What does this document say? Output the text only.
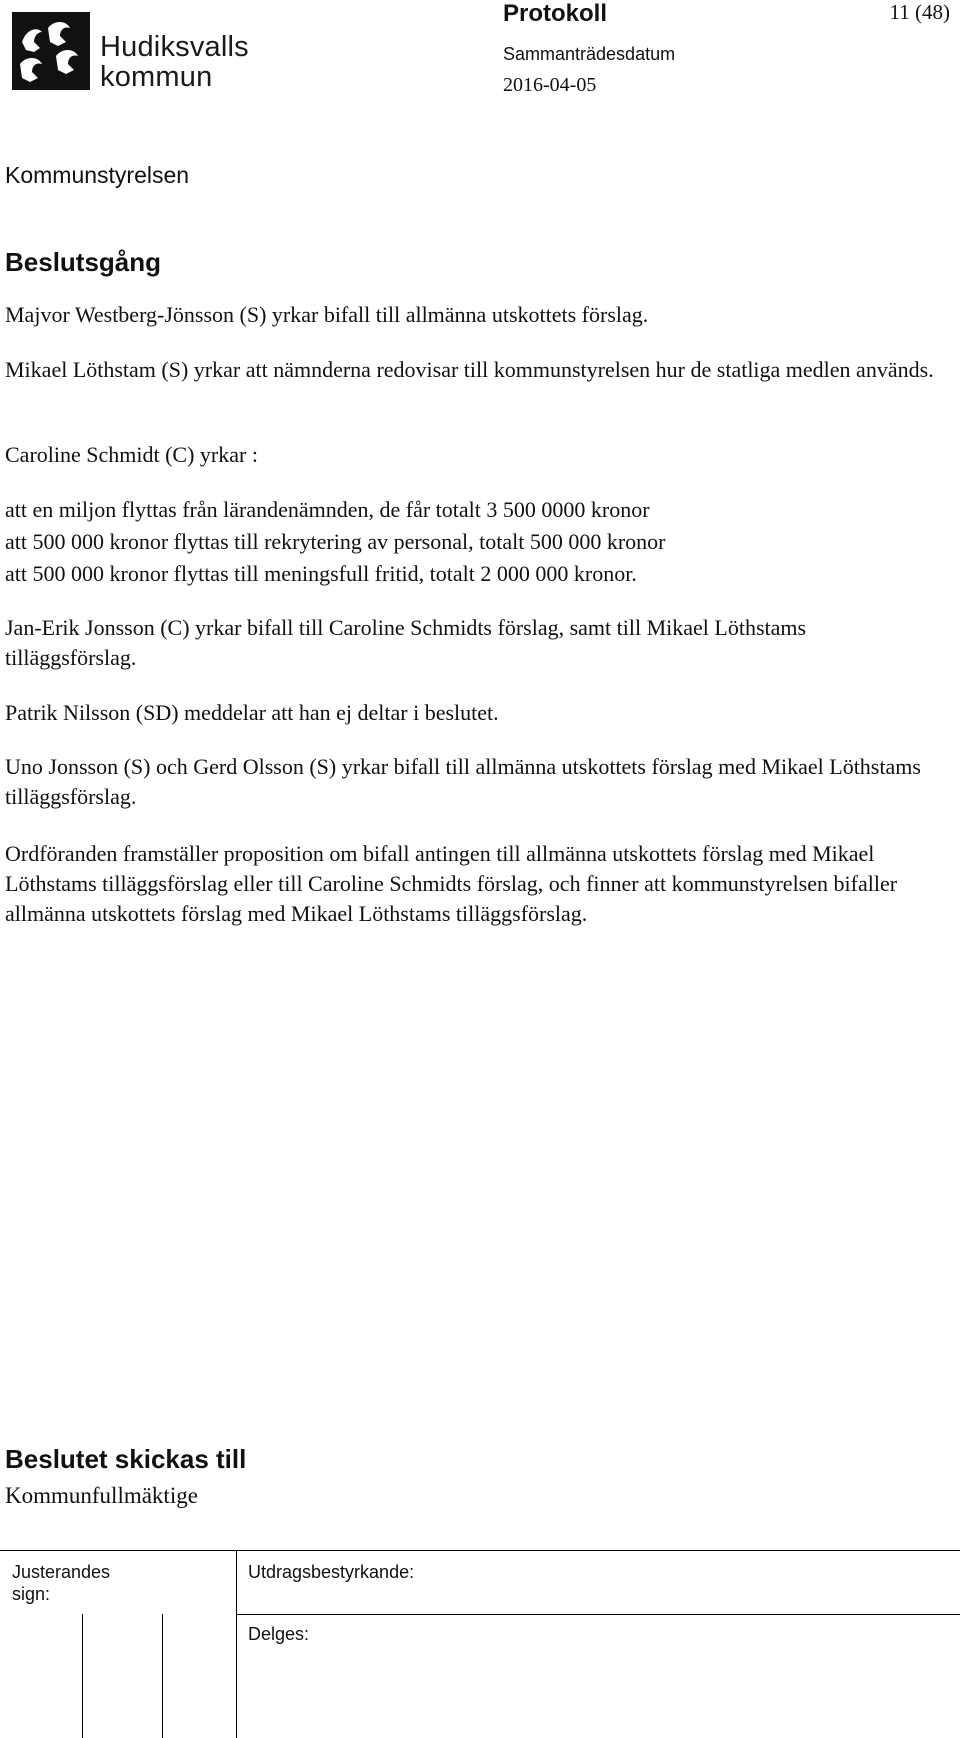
Hudiksvalls
kommun
Protokoll
Sammanträdesdatum
2016-04-05
11 (48)
Kommunstyrelsen
Beslutsgång

Majvor Westberg-Jönsson (S) yrkar bifall till allmänna utskottets förslag.

Mikael Löthstam (S) yrkar att nämnderna redovisar till kommunstyrelsen hur de statliga medlen används.

Caroline Schmidt (C) yrkar :

att en miljon flyttas från lärandenämnden, de får totalt 3 500 0000 kronor

att 500 000 kronor flyttas till rekrytering av personal, totalt 500 000 kronor

att 500 000 kronor flyttas till meningsfull fritid, totalt 2 000 000 kronor.

Jan-Erik Jonsson (C) yrkar bifall till Caroline Schmidts förslag, samt till Mikael Löthstams tilläggsförslag.

Patrik Nilsson (SD) meddelar att han ej deltar i beslutet.

Uno Jonsson (S) och Gerd Olsson (S) yrkar bifall till allmänna utskottets förslag med Mikael Löthstams tilläggsförslag.

Ordföranden framställer proposition om bifall antingen till allmänna utskottets förslag med Mikael Löthstams tilläggsförslag eller till Caroline Schmidts förslag, och finner att kommunstyrelsen bifaller allmänna utskottets förslag med Mikael Löthstams tilläggsförslag.

Beslutet skickas till
Kommunfullmäktige
Justerandes sign:
Utdragsbestyrkande:
Delges:
